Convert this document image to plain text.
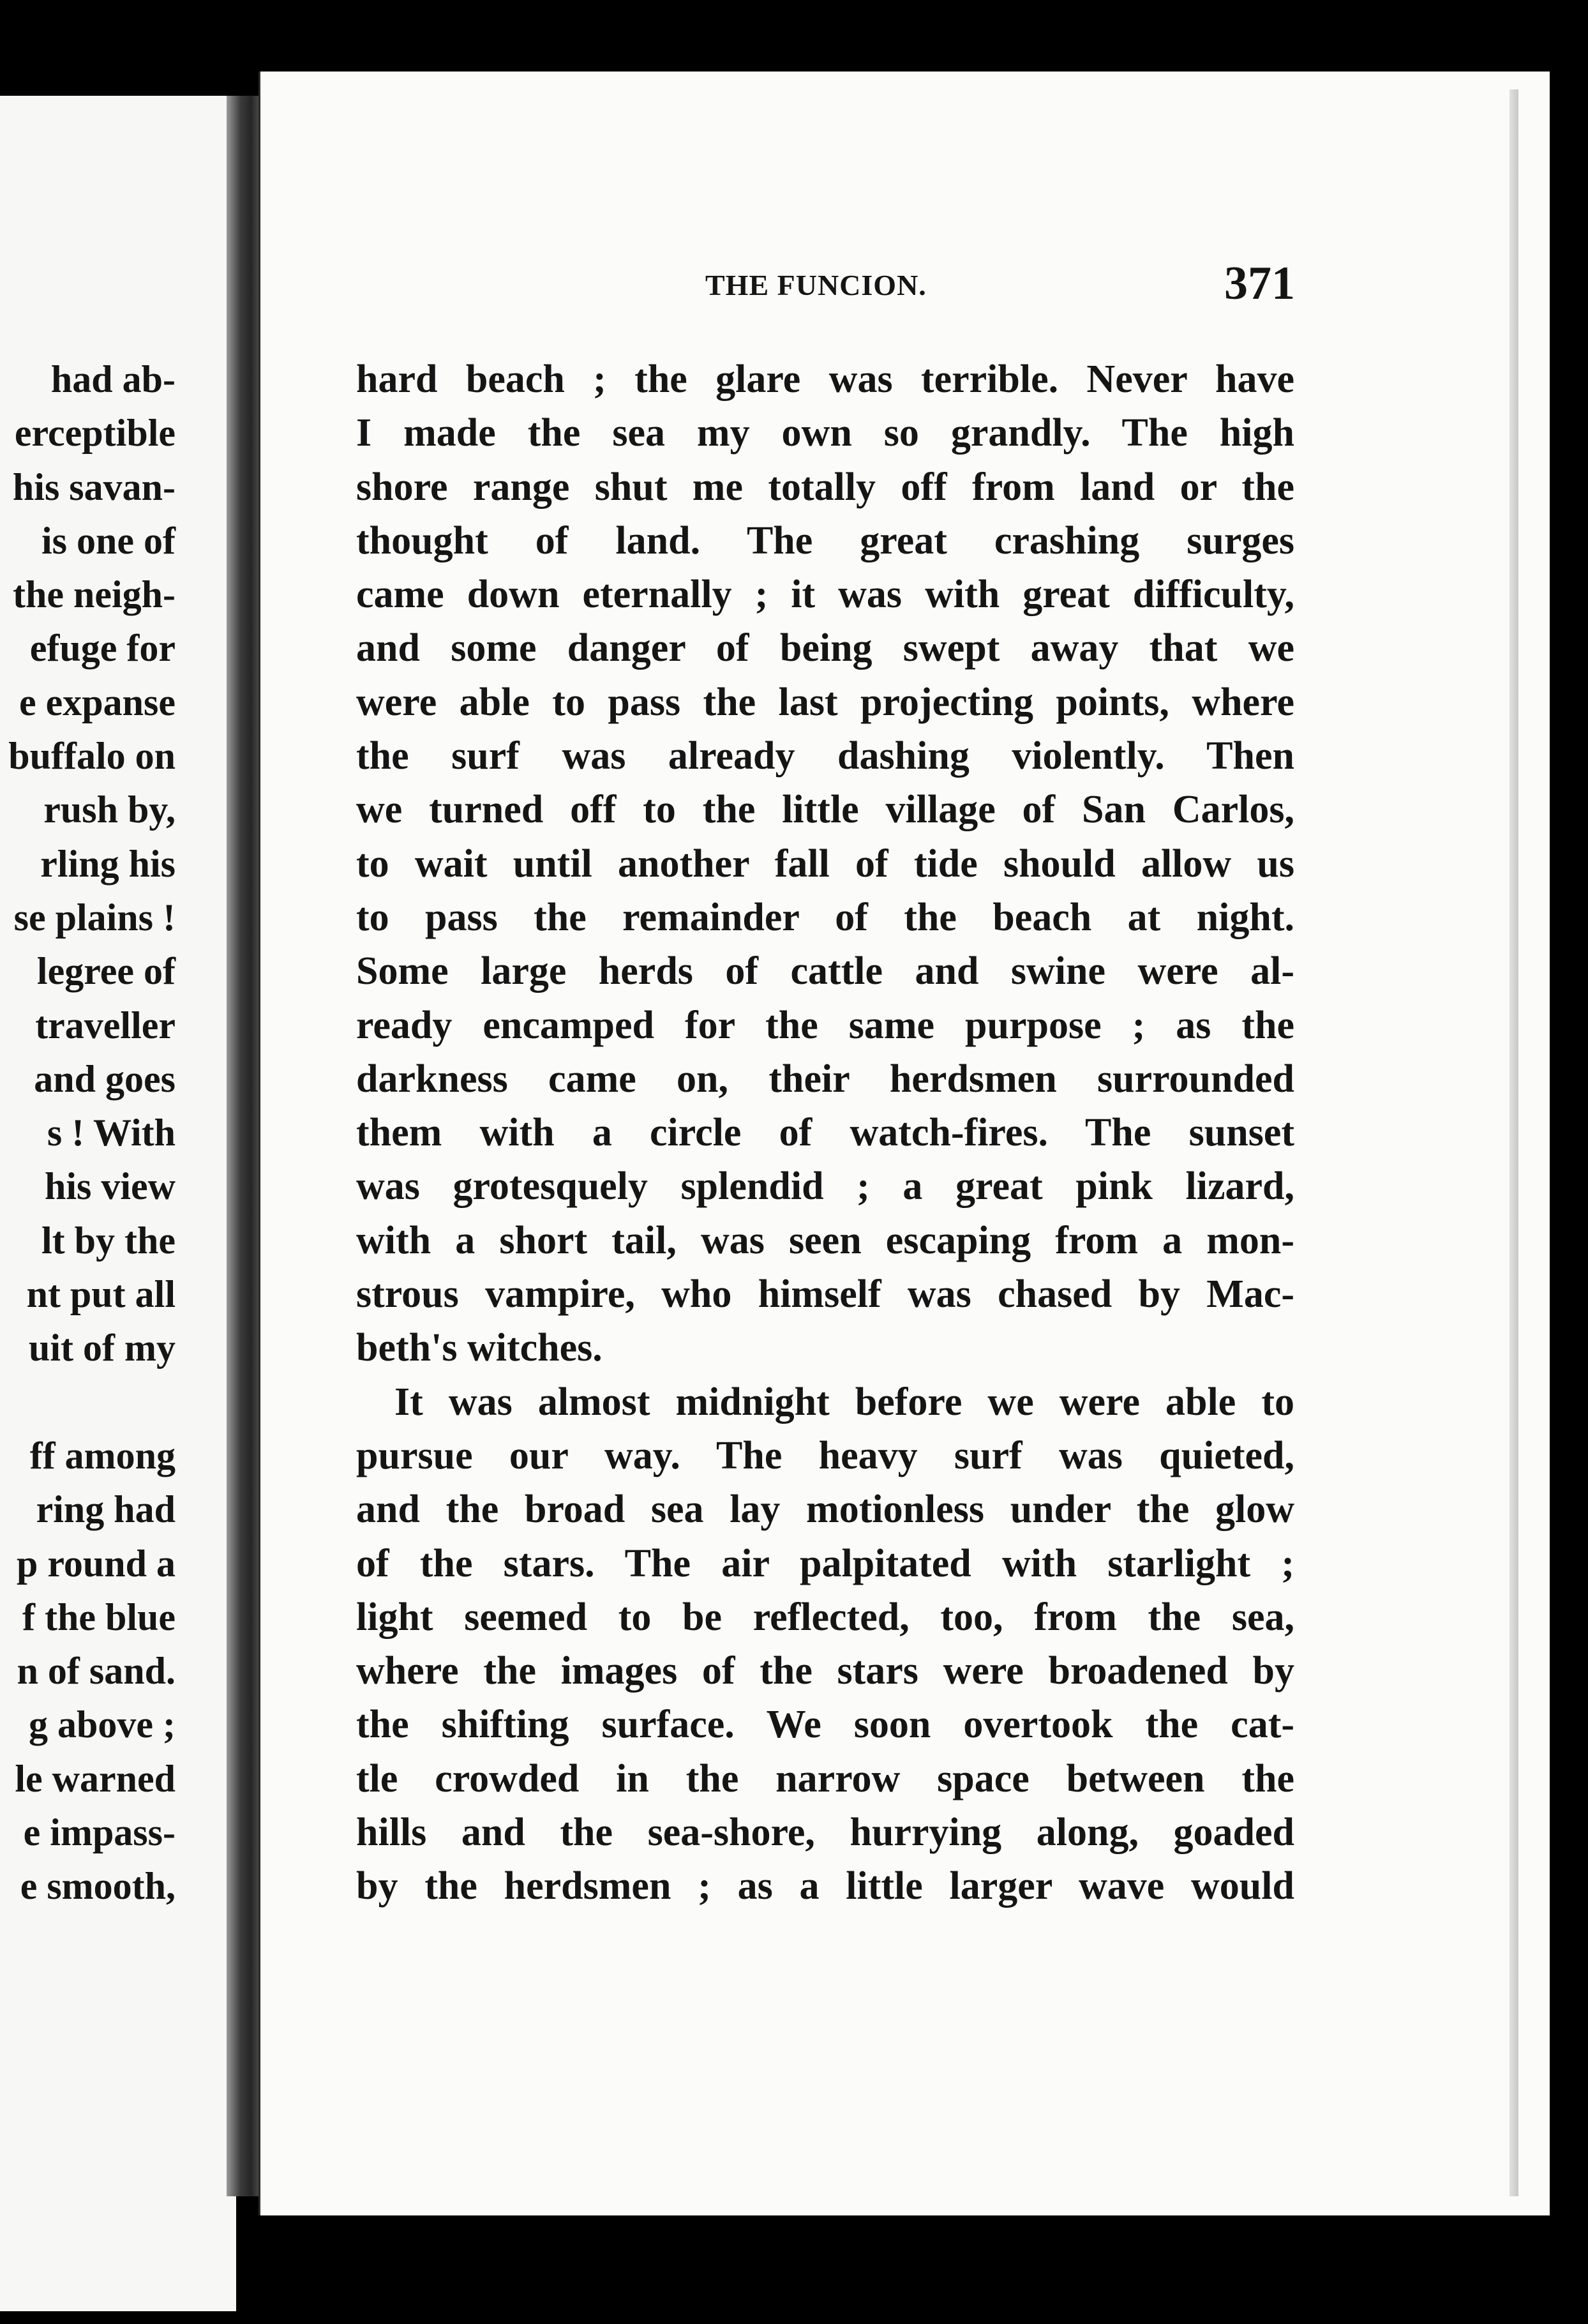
had ab-
erceptible
his savan-
is one of
the neigh-
efuge for
e expanse
buffalo on
rush by,
rling his
se plains !
legree of
traveller
and goes
s ! With
his view
lt by the
nt put all
uit of my
ff among
ring had
p round a
f the blue
n of sand.
g above ;
le warned
e impass-
e smooth,
THE FUNCION.	371
hard beach ; the glare was terrible. Never have
I made the sea my own so grandly. The high
shore range shut me totally off from land or the
thought of land. The great crashing surges
came down eternally ; it was with great difficulty,
and some danger of being swept away that we
were able to pass the last projecting points, where
the surf was already dashing violently. Then
we turned off to the little village of San Carlos,
to wait until another fall of tide should allow us
to pass the remainder of the beach at night.
Some large herds of cattle and swine were al-
ready encamped for the same purpose ; as the
darkness came on, their herdsmen surrounded
them with a circle of watch-fires. The sunset
was grotesquely splendid ; a great pink lizard,
with a short tail, was seen escaping from a mon-
strous vampire, who himself was chased by Mac-
beth's witches.
It was almost midnight before we were able to
pursue our way. The heavy surf was quieted,
and the broad sea lay motionless under the glow
of the stars. The air palpitated with starlight ;
light seemed to be reflected, too, from the sea,
where the images of the stars were broadened by
the shifting surface. We soon overtook the cat-
tle crowded in the narrow space between the
hills and the sea-shore, hurrying along, goaded
by the herdsmen ; as a little larger wave would
